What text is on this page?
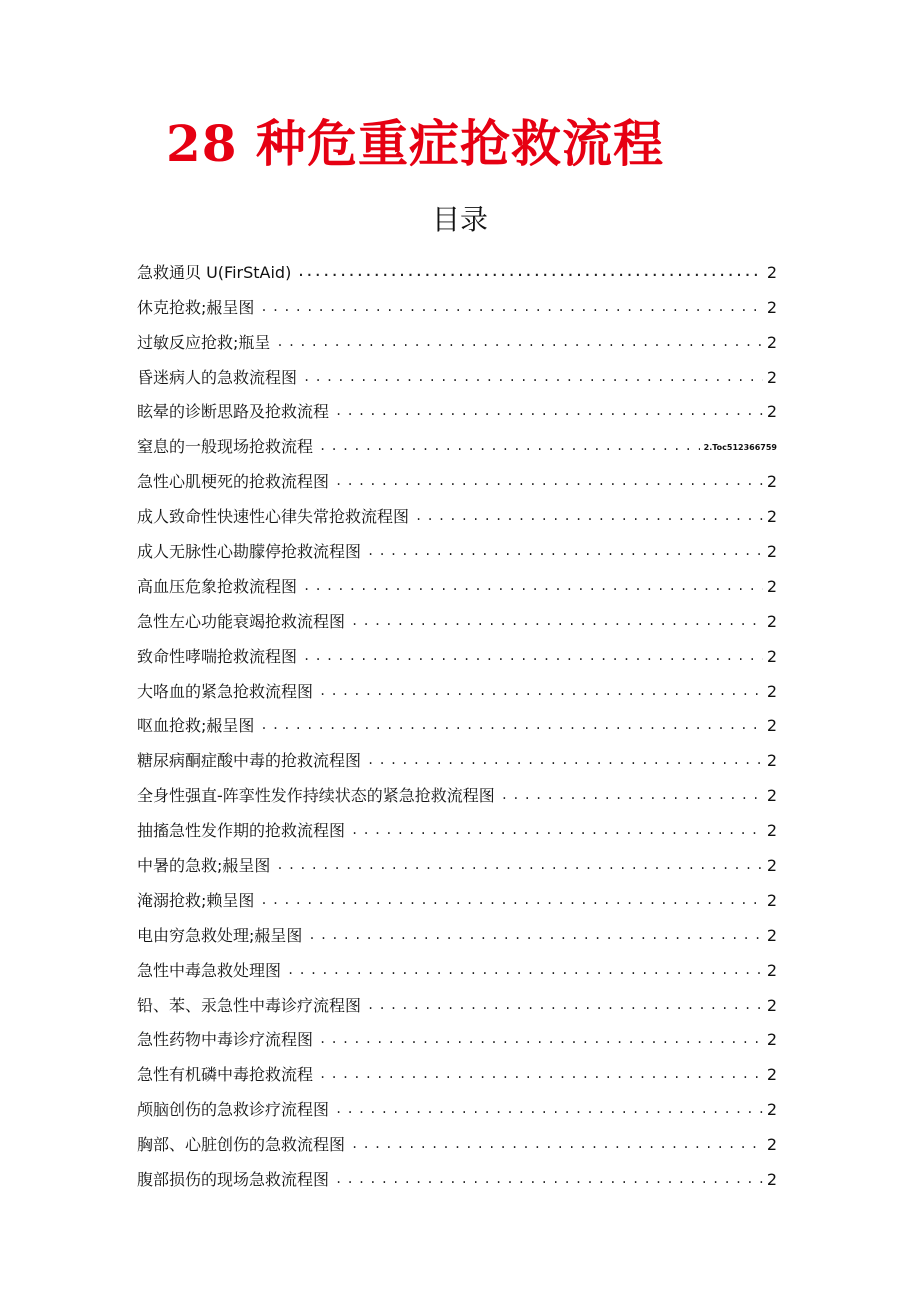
28 种危重症抢救流程
目录
急救通贝 U(FirStAid) .....	2
休克抢救;赧呈图 .....	2
过敏反应抢救;瓶呈 .....	2
昏迷病人的急救流程图 .....	2
眩晕的诊断思路及抢救流程 .....	2
窒息的一般现场抢救流程 .....	2.Toc512366759
急性心肌梗死的抢救流程图 .....	2
成人致命性快速性心律失常抢救流程图 .....	2
成人无脉性心勘朦停抢救流程图 .....	2
高血压危象抢救流程图 .....	2
急性左心功能衰竭抢救流程图 .....	2
致命性哮喘抢救流程图 .....	2
大咯血的紧急抢救流程图 .....	2
呕血抢救;赧呈图 .....	2
糖尿病酮症酸中毒的抢救流程图 .....	2
全身性强直-阵挛性发作持续状态的紧急抢救流程图 .....	2
抽搐急性发作期的抢救流程图 .....	2
中暑的急救;赧呈图 .....	2
淹溺抢救;赖呈图 .....	2
电由穷急救处理;赧呈图 .....	2
急性中毒急救处理图 .....	2
铅、苯、汞急性中毒诊疗流程图 .....	2
急性药物中毒诊疗流程图 .....	2
急性有机磷中毒抢救流程 .....	2
颅脑创伤的急救诊疗流程图 .....	2
胸部、心脏创伤的急救流程图 .....	2
腹部损伤的现场急救流程图 .....	2
